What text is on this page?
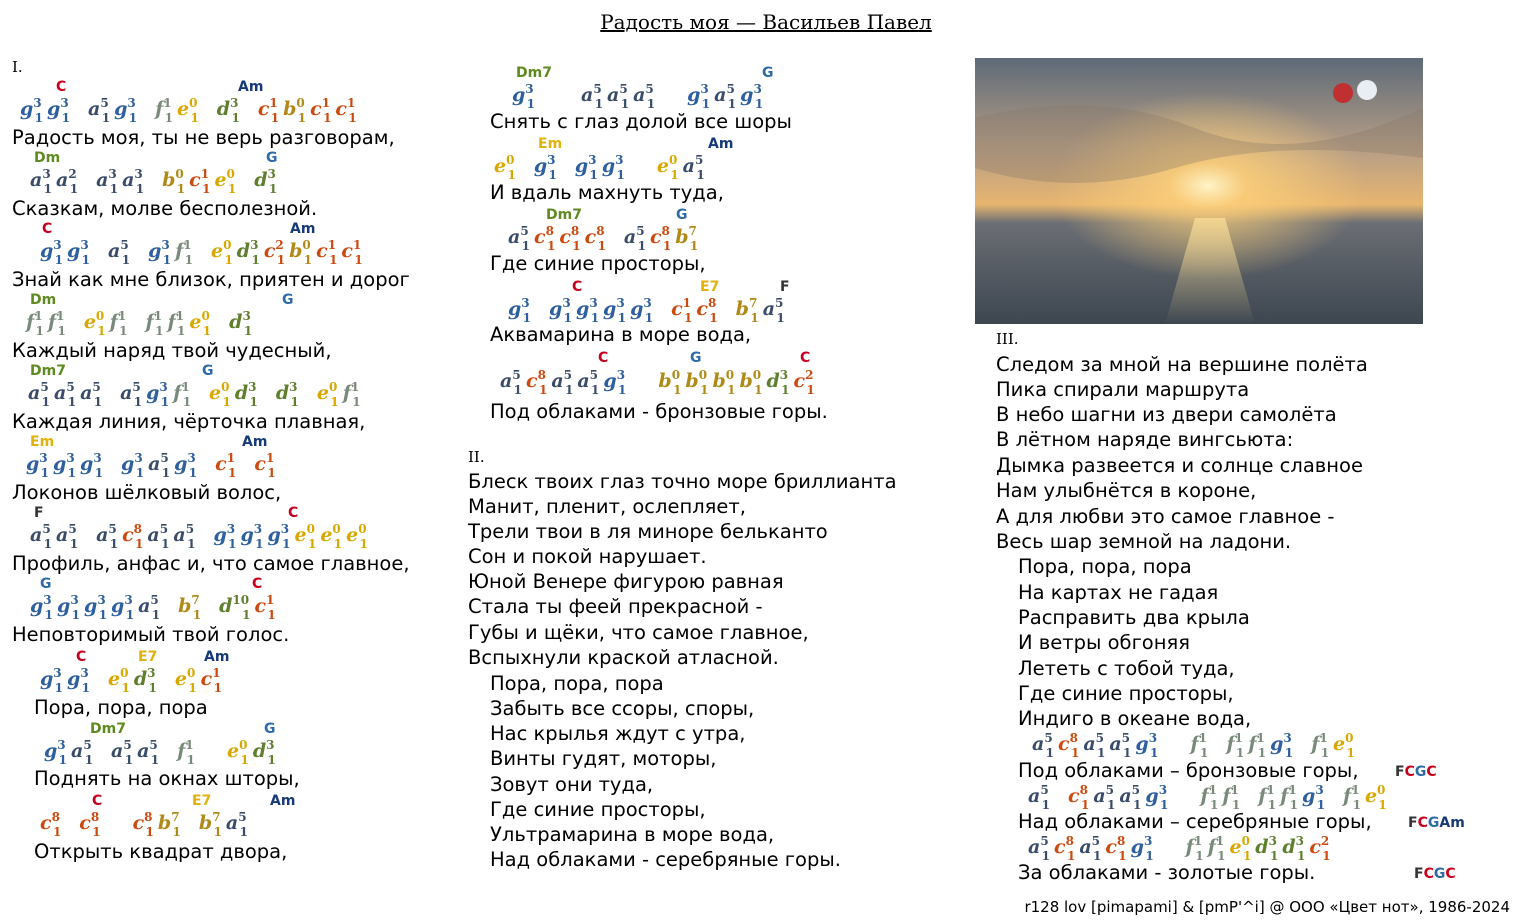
Радость моя — Васильев Павел
I.
Радость моя, ты не верь разговорам,
Сказкам, молве бесполезной.
Знай как мне близок, приятен и дорог
Каждый наряд твой чудесный,
Каждая линия, чёрточка плавная,
Локонов шёлковый волос,
Профиль, анфас и, что самое главное,
Неповторимый твой голос.
Пора, пора, пора
Поднять на окнах шторы,
Открыть квадрат двора,
C	Am
Dm	G
C	Am
Dm	G
Dm7	G
Em	Am
F	C
G	C
C	E7	Am
Dm7	G
C	E7	Am
$g^3_1$ $g^3_1$ $a^5_1$ $g^3_1$ $f^1_1$ $e^0_1$ $d^3_1$ $c^1_1$ $b^0_1$ $c^1_1$ $c^1_1$
$a^3_1$ $a^2_1$ $a^3_1$ $a^3_1$ $b^0_1$ $c^1_1$ $e^0_1$ $d^3_1$
$g^3_1$ $g^3_1$ $a^5_1$ $g^3_1$ $f^1_1$ $e^0_1$ $d^3_1$ $c^2_1$ $b^0_1$ $c^1_1$ $c^1_1$
$f^1_1$ $f^1_1$ $e^0_1$ $f^1_1$ $f^1_1$ $f^1_1$ $e^0_1$ $d^3_1$
$a^5_1$ $a^5_1$ $a^5_1$ $a^5_1$ $g^3_1$ $f^1_1$ $e^0_1$ $d^3_1$ $d^3_1$ $e^0_1$ $f^1_1$
$g^3_1$ $g^3_1$ $g^3_1$ $g^3_1$ $a^5_1$ $g^3_1$ $c^1_1$ $c^1_1$
$a^5_1$ $a^5_1$ $a^5_1$ $c^8_1$ $a^5_1$ $a^5_1$ $g^3_1$ $g^3_1$ $g^3_1$ $e^0_1$ $e^0_1$ $e^0_1$
$g^3_1$ $g^3_1$ $g^3_1$ $g^3_1$ $a^5_1$ $b^7_1$ $d^{10}_1$ $c^1_1$
$g^3_1$ $g^3_1$ $e^0_1$ $d^3_1$ $e^0_1$ $c^1_1$
$g^3_1$ $a^5_1$ $a^5_1$ $a^5_1$ $f^1_1$ $e^0_1$ $d^3_1$
$c^8_1$ $c^8_1$ $c^8_1$ $b^7_1$ $b^7_1$ $a^5_1$
II.
III.
Снять с глаз долой все шоры
И вдаль махнуть туда,
Где синие просторы,
Аквамарина в море вода,
Под облаками - бронзовые горы.
Dm7	G
Em	Am
Dm7	G
C	E7	F
C	G	C
$g^3_1$ $a^5_1$ $a^5_1$ $a^5_1$ $g^3_1$ $a^5_1$ $g^3_1$
$e^0_1$ $g^3_1$ $g^3_1$ $g^3_1$ $e^0_1$ $a^5_1$
$a^5_1$ $c^8_1$ $c^8_1$ $c^8_1$ $a^5_1$ $c^8_1$ $b^7_1$
$g^3_1$ $g^3_1$ $g^3_1$ $g^3_1$ $g^3_1$ $c^1_1$ $c^8_1$ $b^7_1$ $a^5_1$
$a^5_1$ $c^8_1$ $a^5_1$ $a^5_1$ $g^3_1$ $b^0_1$ $b^0_1$ $b^0_1$ $b^0_1$ $d^3_1$ $c^2_1$
Блеск твоих глаз точно море бриллианта
Манит, пленит, ослепляет,
Трели твои в ля миноре бельканто
Сон и покой нарушает.
Юной Венере фигурою равная
Стала ты феей прекрасной -
Губы и щёки, что самое главное,
Вспыхнули краской атласной.
Пора, пора, пора
Забыть все ссоры, споры,
Нас крылья ждут с утра,
Винты гудят, моторы,
Зовут они туда,
Где синие просторы,
Ультрамарина в море вода,
Над облаками - серебряные горы.
Следом за мной на вершине полёта
Пика спирали маршрута
В небо шагни из двери самолёта
В лётном наряде вингсьюта:
Дымка развеется и солнце славное
Нам улыбнётся в короне,
А для любви это самое главное -
Весь шар земной на ладони.
Пора, пора, пора
На картах не гадая
Расправить два крыла
И ветры обгоняя
Лететь с тобой туда,
Где синие просторы,
Индиго в океане вода,
Под облаками – бронзовые горы,
Над облаками – серебряные горы,
За облаками - золотые горы.
$a^5_1$ $c^8_1$ $a^5_1$ $a^5_1$ $g^3_1$ $f^1_1$ $f^1_1$ $f^1_1$ $g^3_1$ $f^1_1$ $e^0_1$
$a^5_1$ $c^8_1$ $a^5_1$ $a^5_1$ $g^3_1$ $f^1_1$ $f^1_1$ $f^1_1$ $f^1_1$ $g^3_1$ $f^1_1$ $e^0_1$
$a^5_1$ $c^8_1$ $a^5_1$ $c^8_1$ $g^3_1$ $f^1_1$ $f^1_1$ $e^0_1$ $d^3_1$ $d^3_1$ $c^2_1$
FCGC
FCGAm
FCGC
r128 lov [pimapami] & [pmP'^i] @ ООО «Цвет нот», 1986-2024
